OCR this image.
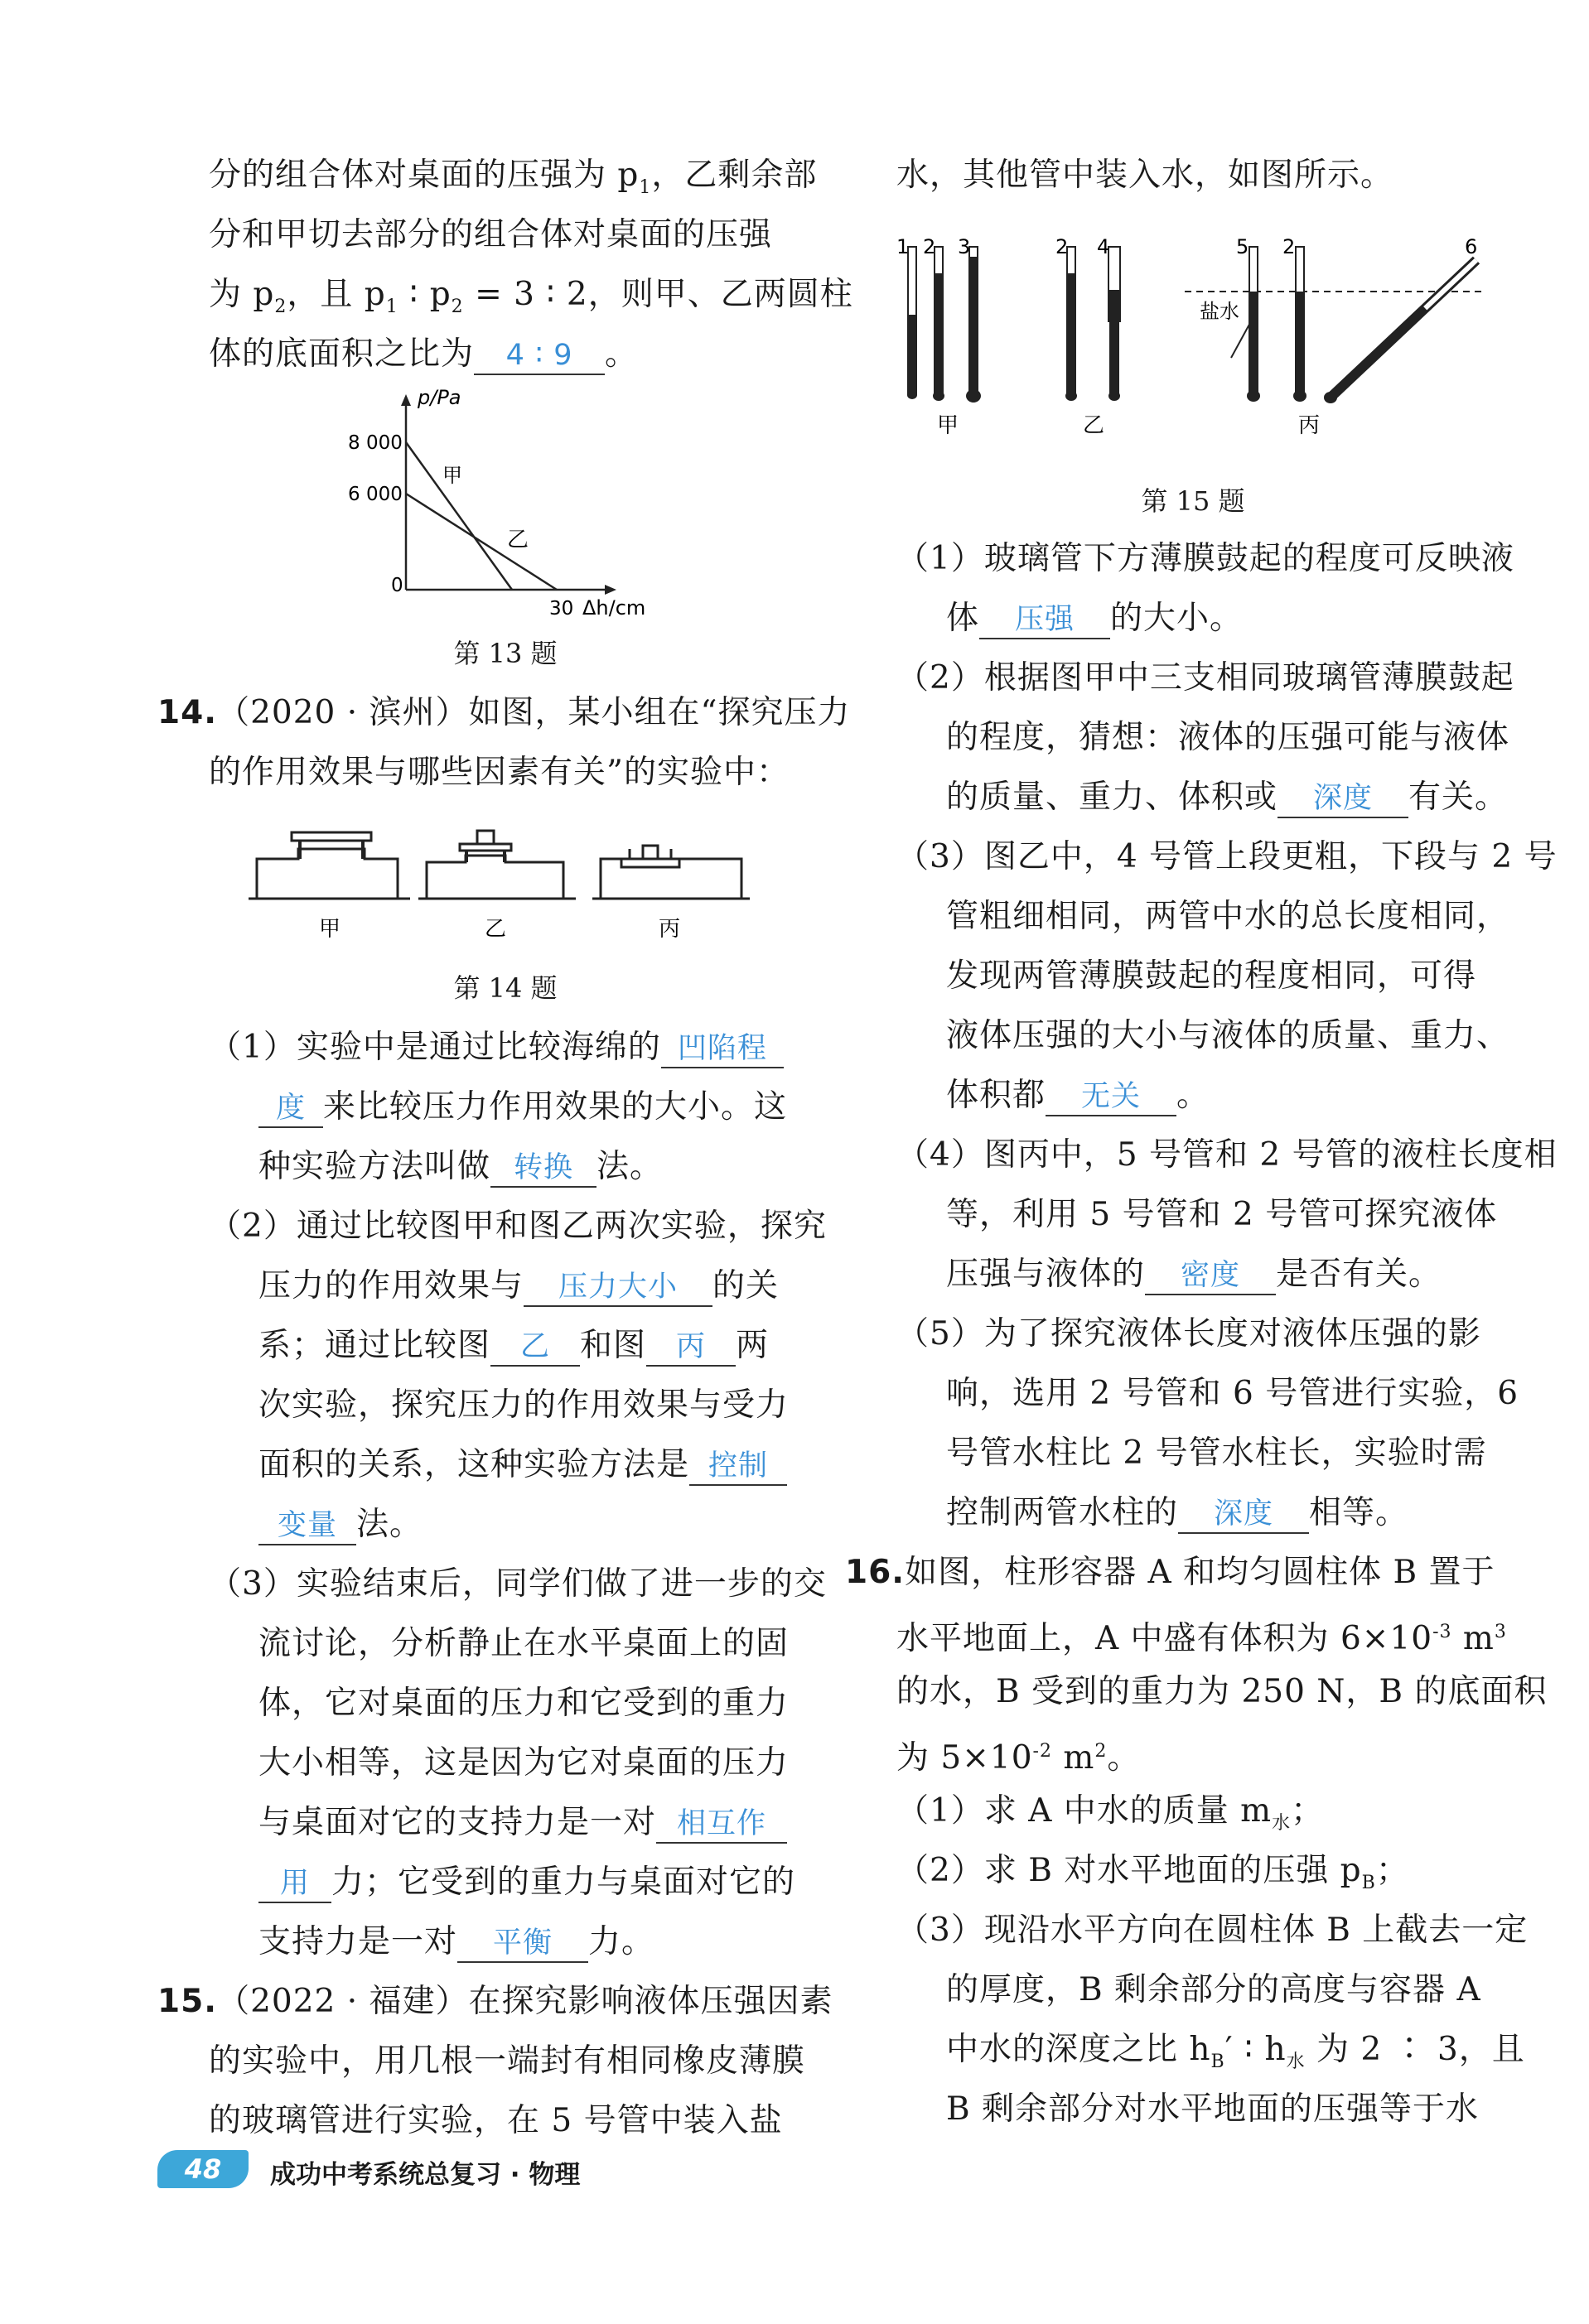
分的组合体对桌面的压强为 $p_1$，乙剩余部
分和甲切去部分的组合体对桌面的压强
为 $p_2$，且 $p_1$ ∶ $p_2 = 3$ ∶ 2，则甲、乙两圆柱
体的底面积之比为 4 ∶ 9 。
p/Pa
8 000
6 000
0
30 Δh/cm
甲
乙
第 13 题
14.（2020 · 滨州）如图，某小组在“探究压力
的作用效果与哪些因素有关”的实验中：
甲	乙	丙
第 14 题
（1）实验中是通过比较海绵的 凹陷程
度 来比较压力作用效果的大小。这
种实验方法叫做 转换 法。
（2）通过比较图甲和图乙两次实验，探究
压力的作用效果与 压力大小 的关
系；通过比较图 乙 和图 丙 两
次实验，探究压力的作用效果与受力
面积的关系，这种实验方法是 控制
变量 法。
（3）实验结束后，同学们做了进一步的交
流讨论，分析静止在水平桌面上的固
体，它对桌面的压力和它受到的重力
大小相等，这是因为它对桌面的压力
与桌面对它的支持力是一对 相互作
用 力；它受到的重力与桌面对它的
支持力是一对 平衡 力。
15.（2022 · 福建）在探究影响液体压强因素
的实验中，用几根一端封有相同橡皮薄膜
的玻璃管进行实验，在 5 号管中装入盐
水，其他管中装入水，如图所示。
1 2 3	2 4	5 2	6
盐水
甲	乙	丙
第 15 题
（1）玻璃管下方薄膜鼓起的程度可反映液
体 压强 的大小。
（2）根据图甲中三支相同玻璃管薄膜鼓起
的程度，猜想：液体的压强可能与液体
的质量、重力、体积或 深度 有关。
（3）图乙中，4 号管上段更粗，下段与 2 号
管粗细相同，两管中水的总长度相同，
发现两管薄膜鼓起的程度相同，可得
液体压强的大小与液体的质量、重力、
体积都 无关 。
（4）图丙中，5 号管和 2 号管的液柱长度相
等，利用 5 号管和 2 号管可探究液体
压强与液体的 密度 是否有关。
（5）为了探究液体长度对液体压强的影
响，选用 2 号管和 6 号管进行实验，6
号管水柱比 2 号管水柱长，实验时需
控制两管水柱的 深度 相等。
16.如图，柱形容器 A 和均匀圆柱体 B 置于
水平地面上，A 中盛有体积为 $6\times 10^{-3}$ $m^3$
的水，B 受到的重力为 250 N，B 的底面积
为 $5\times 10^{-2}$ $m^2$。
（1）求 A 中水的质量 $m_水$；
（2）求 B 对水平地面的压强 $p_B$；
（3）现沿水平方向在圆柱体 B 上截去一定
的厚度，B 剩余部分的高度与容器 A
中水的深度之比 $h_B'$ ∶ $h_水$ 为 2 ∶ 3，且
B 剩余部分对水平地面的压强等于水
48	成功中考系统总复习 · 物理
